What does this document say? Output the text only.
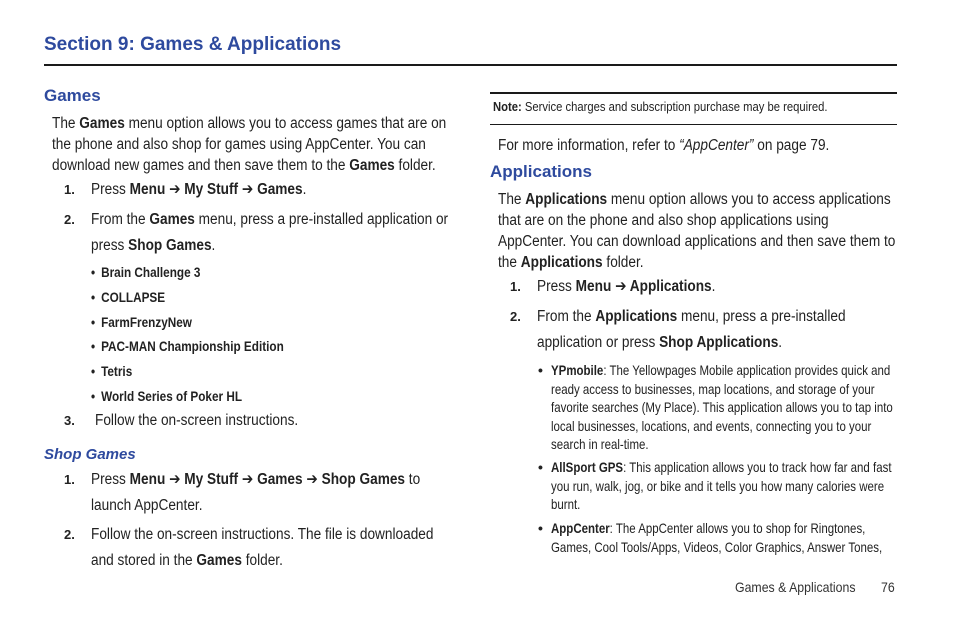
Section 9: Games & Applications
Games
The Games menu option allows you to access games that are on
the phone and also shop for games using AppCenter. You can
download new games and then save them to the Games folder.
1. Press Menu ➔ My Stuff ➔ Games.
2. From the Games menu, press a pre-installed application or
press Shop Games.
• Brain Challenge 3
• COLLAPSE
• FarmFrenzyNew
• PAC-MAN Championship Edition
• Tetris
• World Series of Poker HL
3. Follow the on-screen instructions.
Shop Games
1. Press Menu ➔ My Stuff ➔ Games ➔ Shop Games to
launch AppCenter.
2. Follow the on-screen instructions. The file is downloaded
and stored in the Games folder.
Note: Service charges and subscription purchase may be required.
For more information, refer to “AppCenter” on page 79.
Applications
The Applications menu option allows you to access applications
that are on the phone and also shop applications using
AppCenter. You can download applications and then save them to
the Applications folder.
1. Press Menu ➔ Applications.
2. From the Applications menu, press a pre-installed
application or press Shop Applications.
• YPmobile: The Yellowpages Mobile application provides quick and
ready access to businesses, map locations, and storage of your
favorite searches (My Place). This application allows you to tap into
local businesses, locations, and events, connecting you to your
search in real-time.
• AllSport GPS: This application allows you to track how far and fast
you run, walk, jog, or bike and it tells you how many calories were
burnt.
• AppCenter: The AppCenter allows you to shop for Ringtones,
Games, Cool Tools/Apps, Videos, Color Graphics, Answer Tones,
Games & Applications 76
